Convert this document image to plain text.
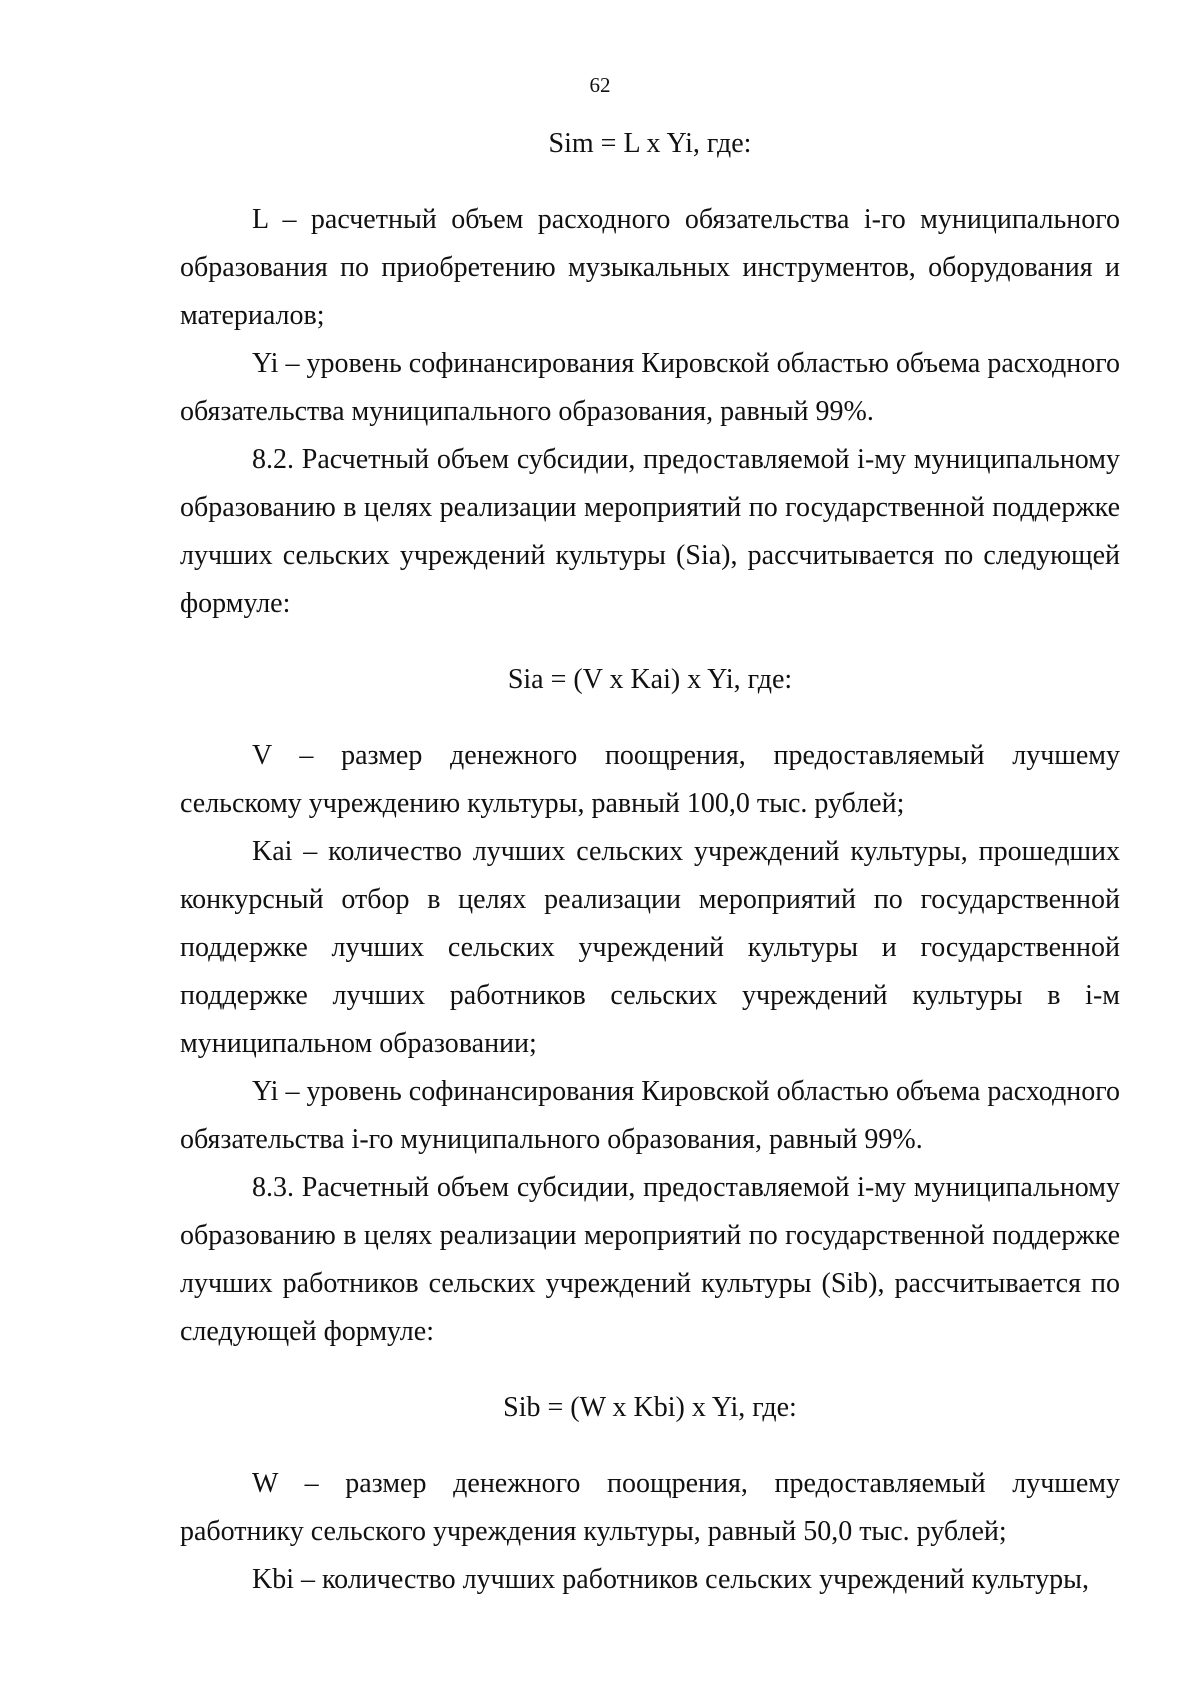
62

Sim = L x Yi, где:

L – расчетный объем расходного обязательства i-го муниципального образования по приобретению музыкальных инструментов, оборудования и материалов;

Yi – уровень софинансирования Кировской областью объема расходного обязательства муниципального образования, равный 99%.

8.2. Расчетный объем субсидии, предоставляемой i-му муниципальному образованию в целях реализации мероприятий по государственной поддержке лучших сельских учреждений культуры (Sia), рассчитывается по следующей формуле:

Sia = (V x Kai) x Yi, где:

V – размер денежного поощрения, предоставляемый лучшему сельскому учреждению культуры, равный 100,0 тыс. рублей;

Kai – количество лучших сельских учреждений культуры, прошедших конкурсный отбор в целях реализации мероприятий по государственной поддержке лучших сельских учреждений культуры и государственной поддержке лучших работников сельских учреждений культуры в i-м муниципальном образовании;

Yi – уровень софинансирования Кировской областью объема расходного обязательства i-го муниципального образования, равный 99%.

8.3. Расчетный объем субсидии, предоставляемой i-му муниципальному образованию в целях реализации мероприятий по государственной поддержке лучших работников сельских учреждений культуры (Sib), рассчитывается по следующей формуле:

Sib = (W x Kbi) x Yi, где:

W – размер денежного поощрения, предоставляемый лучшему работнику сельского учреждения культуры, равный 50,0 тыс. рублей;

Kbi – количество лучших работников сельских учреждений культуры,
